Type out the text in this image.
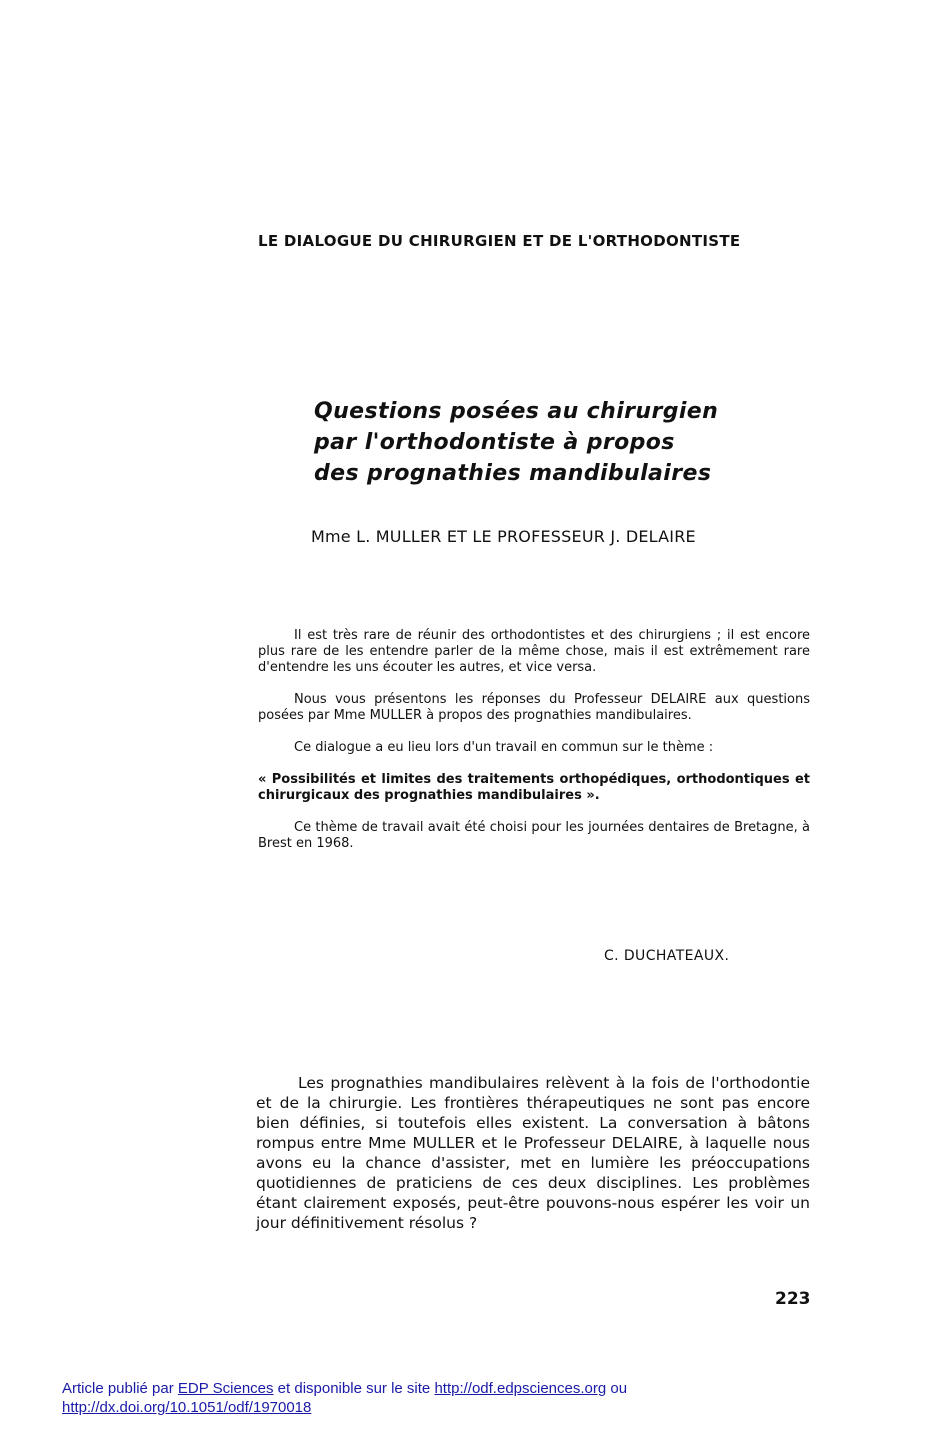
LE DIALOGUE DU CHIRURGIEN ET DE L'ORTHODONTISTE
Questions posées au chirurgien
par l'orthodontiste à propos
des prognathies mandibulaires
Mme L. MULLER ET LE PROFESSEUR J. DELAIRE

Il est très rare de réunir des orthodontistes et des chirurgiens ; il est encore plus rare de les entendre parler de la même chose, mais il est extrêmement rare d'entendre les uns écouter les autres, et vice versa.

Nous vous présentons les réponses du Professeur DELAIRE aux questions posées par Mme MULLER à propos des prognathies mandibulaires.

Ce dialogue a eu lieu lors d'un travail en commun sur le thème :

« Possibilités et limites des traitements orthopédiques, orthodontiques et chirurgicaux des prognathies mandibulaires ».

Ce thème de travail avait été choisi pour les journées dentaires de Bretagne, à Brest en 1968.

C. DUCHATEAUX.

Les prognathies mandibulaires relèvent à la fois de l'orthodontie et de la chirurgie. Les frontières thérapeutiques ne sont pas encore bien définies, si toutefois elles existent. La conversation à bâtons rompus entre Mme MULLER et le Professeur DELAIRE, à laquelle nous avons eu la chance d'assister, met en lumière les préoccupations quotidiennes de praticiens de ces deux disciplines. Les problèmes étant clairement exposés, peut-être pouvons-nous espérer les voir un jour définitivement résolus ?

223
Article publié par EDP Sciences et disponible sur le site http://odf.edpsciences.org ou
http://dx.doi.org/10.1051/odf/1970018
